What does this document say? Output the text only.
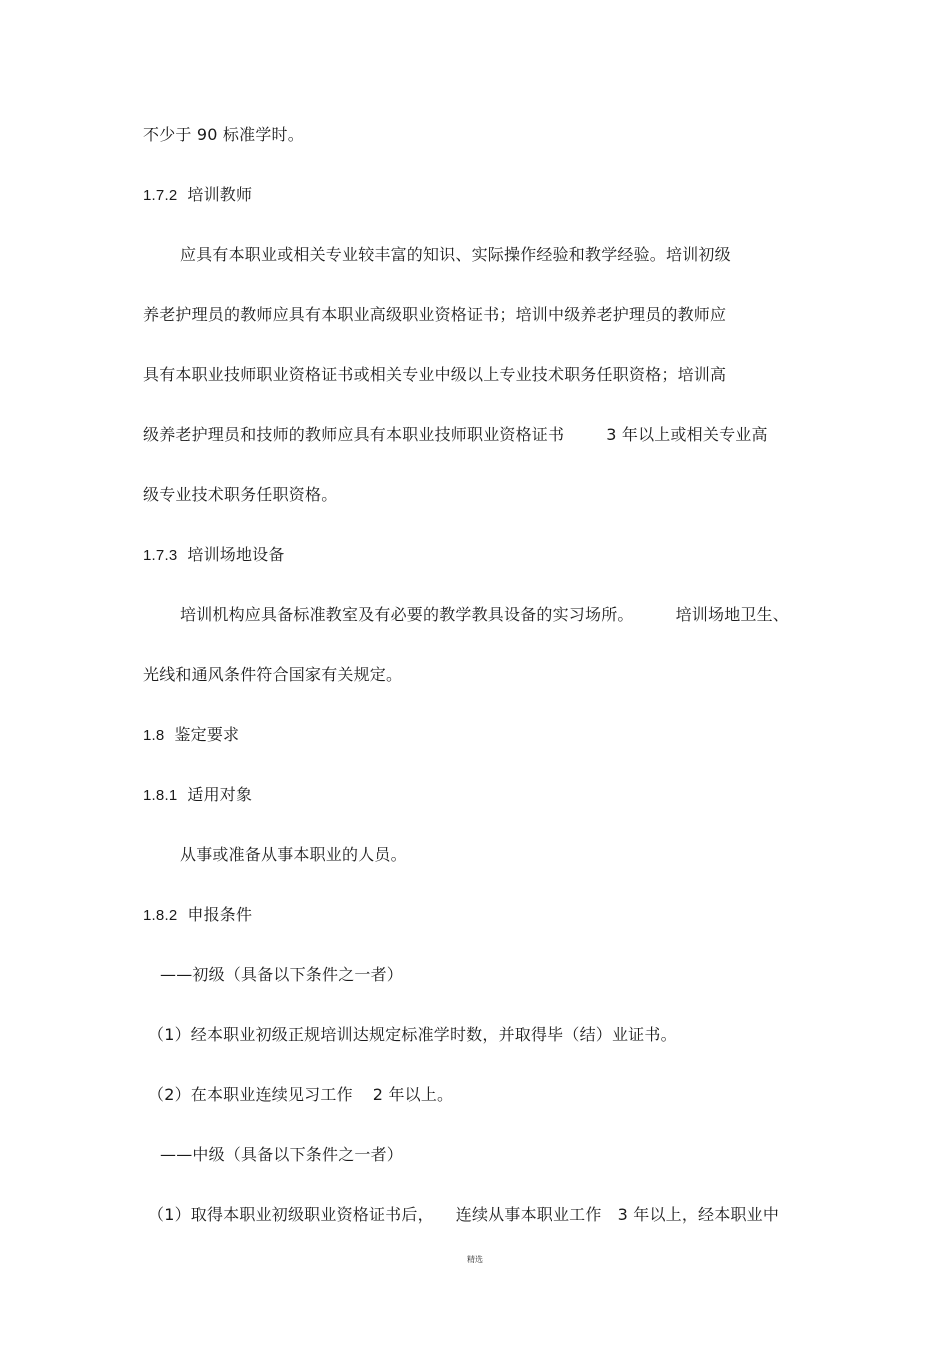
不少于 90 标准学时。
1.7.2 培训教师
应具有本职业或相关专业较丰富的知识、实际操作经验和教学经验。培训初级
养老护理员的教师应具有本职业高级职业资格证书；培训中级养老护理员的教师应
具有本职业技师职业资格证书或相关专业中级以上专业技术职务任职资格；培训高
级养老护理员和技师的教师应具有本职业技师职业资格证书	3 年以上或相关专业高
级专业技术职务任职资格。
1.7.3 培训场地设备
培训机构应具备标准教室及有必要的教学教具设备的实习场所。	培训场地卫生、
光线和通风条件符合国家有关规定。
1.8 鉴定要求
1.8.1 适用对象
从事或准备从事本职业的人员。
1.8.2 申报条件
——初级（具备以下条件之一者）
（1）经本职业初级正规培训达规定标准学时数，并取得毕（结）业证书。
（2）在本职业连续见习工作 2 年以上。
——中级（具备以下条件之一者）
（1）取得本职业初级职业资格证书后， 连续从事本职业工作 3 年以上，经本职业中
精选
